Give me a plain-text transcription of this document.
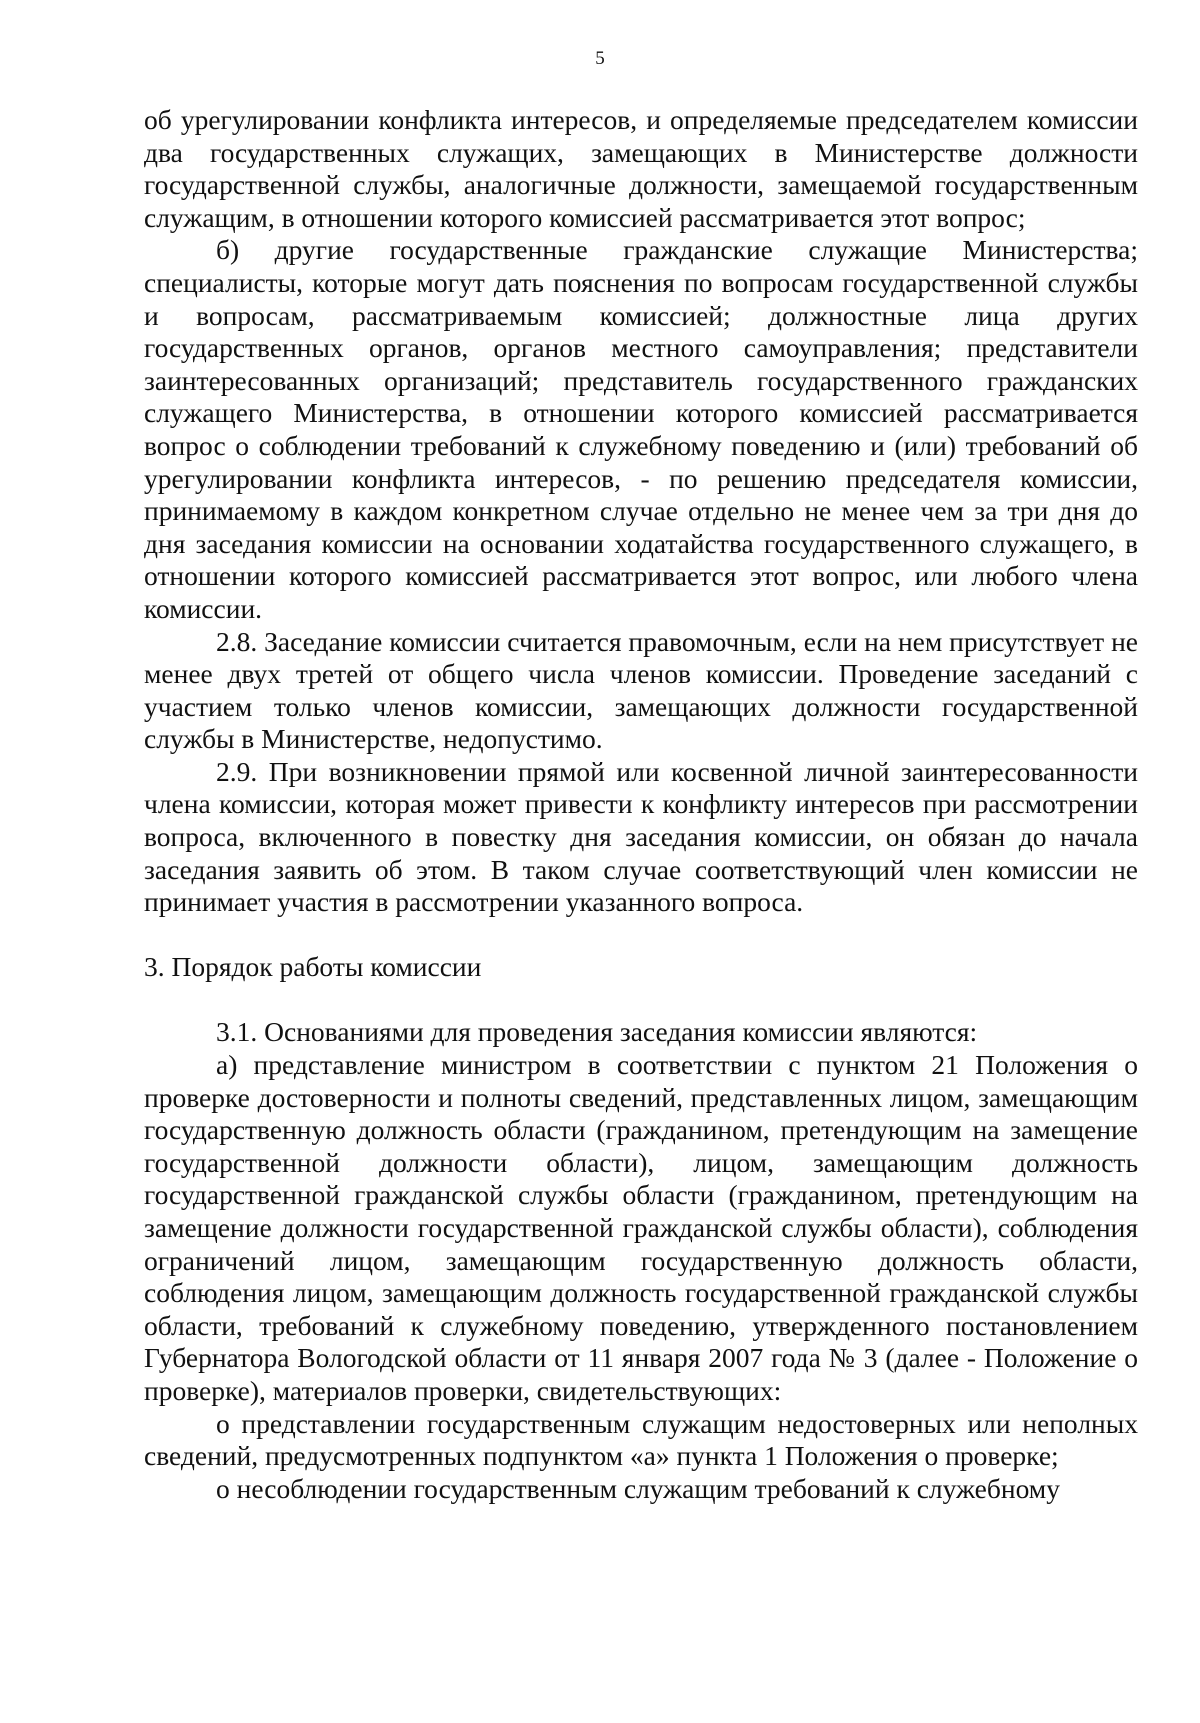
5

об урегулировании конфликта интересов, и определяемые председателем комиссии два государственных служащих, замещающих в Министерстве должности государственной службы, аналогичные должности, замещаемой государственным служащим, в отношении которого комиссией рассматривается этот вопрос;

б) другие государственные гражданские служащие Министерства; специалисты, которые могут дать пояснения по вопросам государственной службы и вопросам, рассматриваемым комиссией; должностные лица других государственных органов, органов местного самоуправления; представители заинтересованных организаций; представитель государственного гражданских служащего Министерства, в отношении которого комиссией рассматривается вопрос о соблюдении требований к служебному поведению и (или) требований об урегулировании конфликта интересов, - по решению председателя комиссии, принимаемому в каждом конкретном случае отдельно не менее чем за три дня до дня заседания комиссии на основании ходатайства государственного служащего, в отношении которого комиссией рассматривается этот вопрос, или любого члена комиссии.

2.8. Заседание комиссии считается правомочным, если на нем присутствует не менее двух третей от общего числа членов комиссии. Проведение заседаний с участием только членов комиссии, замещающих должности государственной службы в Министерстве, недопустимо.

2.9. При возникновении прямой или косвенной личной заинтересованности члена комиссии, которая может привести к конфликту интересов при рассмотрении вопроса, включенного в повестку дня заседания комиссии, он обязан до начала заседания заявить об этом. В таком случае соответствующий член комиссии не принимает участия в рассмотрении указанного вопроса.

3. Порядок работы комиссии

3.1. Основаниями для проведения заседания комиссии являются:

а) представление министром в соответствии с пунктом 21 Положения о проверке достоверности и полноты сведений, представленных лицом, замещающим государственную должность области (гражданином, претендующим на замещение государственной должности области), лицом, замещающим должность государственной гражданской службы области (гражданином, претендующим на замещение должности государственной гражданской службы области), соблюдения ограничений лицом, замещающим государственную должность области, соблюдения лицом, замещающим должность государственной гражданской службы области, требований к служебному поведению, утвержденного постановлением Губернатора Вологодской области от 11 января 2007 года № 3 (далее - Положение о проверке), материалов проверки, свидетельствующих:

о представлении государственным служащим недостоверных или неполных сведений, предусмотренных подпунктом «а» пункта 1 Положения о проверке;

о несоблюдении государственным служащим требований к служебному
